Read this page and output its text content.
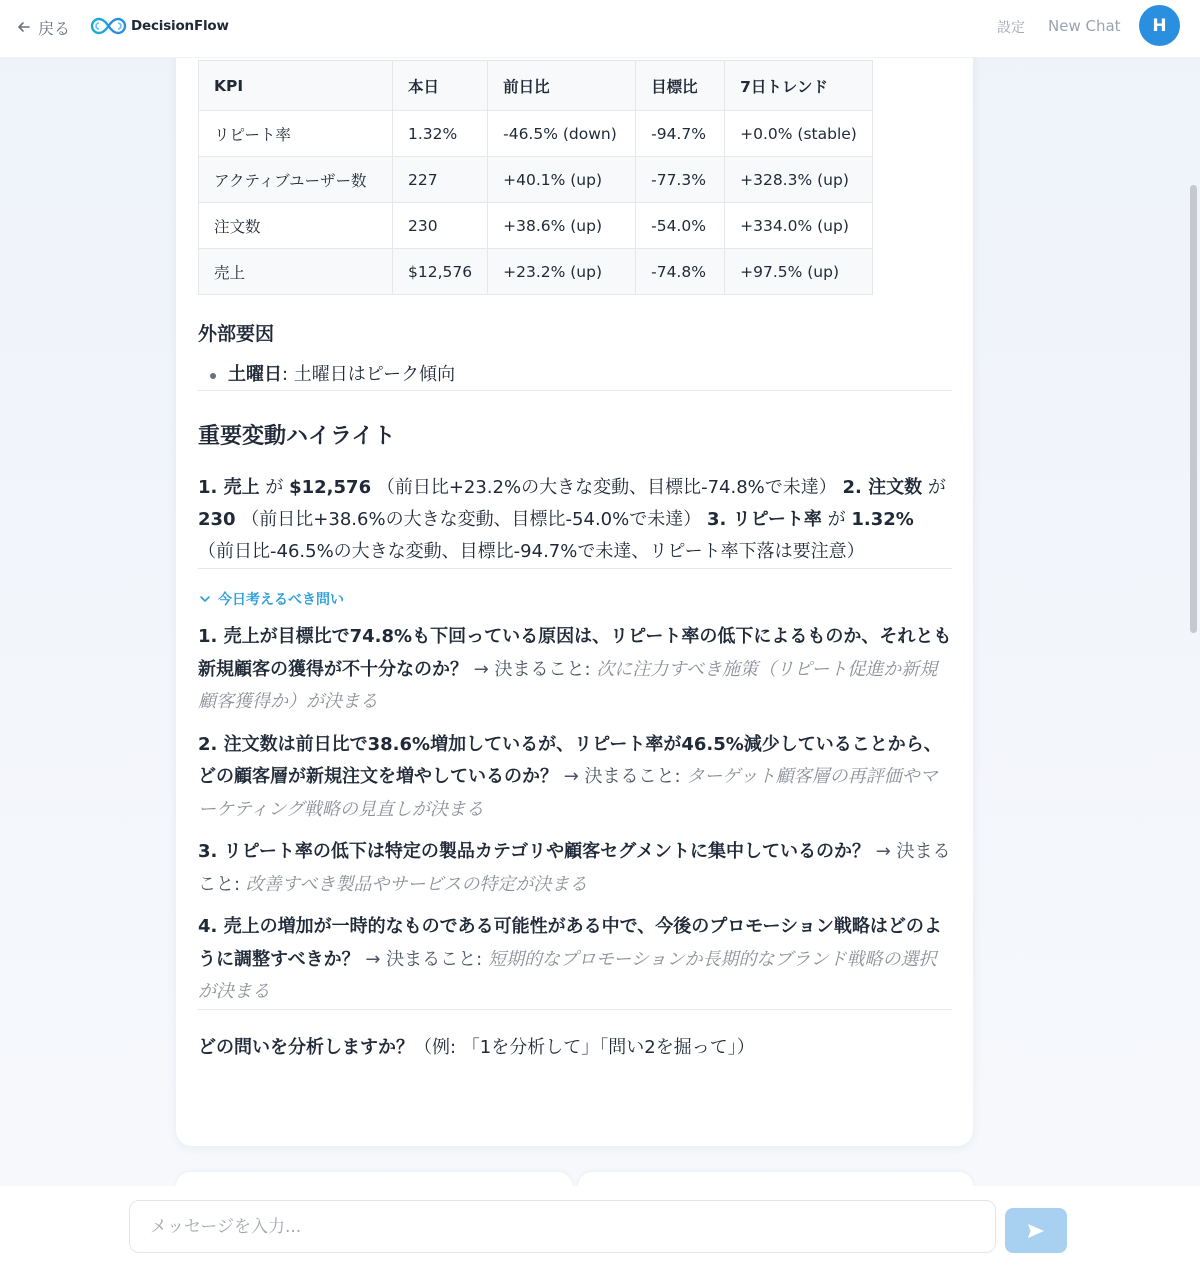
戻る	DecisionFlow	設定 New Chat	H
KPI	本日	前日比	目標比	7日トレンド
リピート率	1.32%	-46.5% (down)	-94.7%	+0.0% (stable)
アクティブユーザー数	227	+40.1% (up)	-77.3%	+328.3% (up)
注文数	230	+38.6% (up)	-54.0%	+334.0% (up)
売上	$12,576	+23.2% (up)	-74.8%	+97.5% (up)
外部要因
土曜日: 土曜日はピーク傾向
重要変動ハイライト

1. 売上 が $12,576 （前日比+23.2%の大きな変動、目標比-74.8%で未達） 2. 注文数 が 230 （前日比+38.6%の大きな変動、目標比-54.0%で未達） 3. リピート率 が 1.32% （前日比-46.5%の大きな変動、目標比-94.7%で未達、リピート率下落は要注意）

今日考えるべき問い
1. 売上が目標比で74.8%も下回っている原因は、リピート率の低下によるものか、それとも新規顧客の獲得が不十分なのか？ → 決まること: 次に注力すべき施策（リピート促進か新規顧客獲得か）が決まる
2. 注文数は前日比で38.6%増加しているが、リピート率が46.5%減少していることから、どの顧客層が新規注文を増やしているのか？ → 決まること: ターゲット顧客層の再評価やマーケティング戦略の見直しが決まる
3. リピート率の低下は特定の製品カテゴリや顧客セグメントに集中しているのか？ → 決まること: 改善すべき製品やサービスの特定が決まる
4. 売上の増加が一時的なものである可能性がある中で、今後のプロモーション戦略はどのように調整すべきか？ → 決まること: 短期的なプロモーションか長期的なブランド戦略の選択が決まる

どの問いを分析しますか？（例: 「1を分析して」「問い2を掘って」）

メッセージを入力...
